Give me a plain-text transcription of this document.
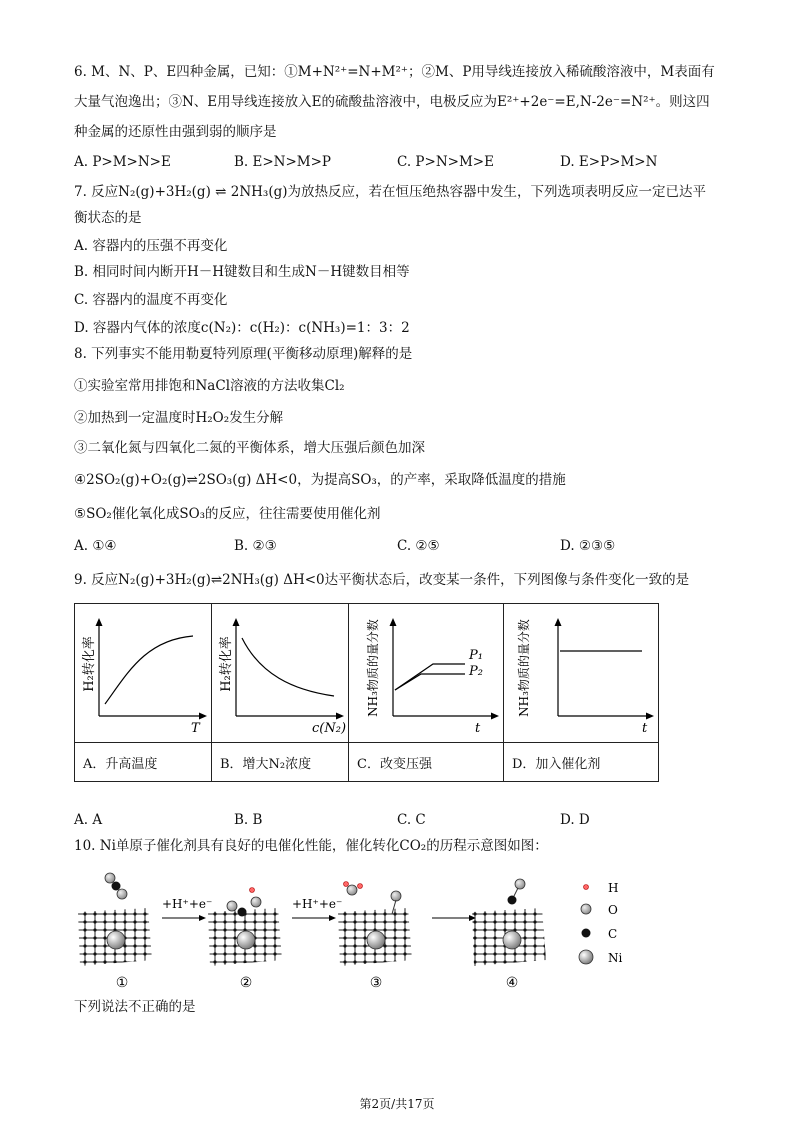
6. M、N、P、E四种金属，已知：①M+N²⁺=N+M²⁺；②M、P用导线连接放入稀硫酸溶液中，M表面有
大量气泡逸出；③N、E用导线连接放入E的硫酸盐溶液中，电极反应为E²⁺+2e⁻=E,N-2e⁻=N²⁺。则这四
种金属的还原性由强到弱的顺序是
A. P>M>N>E	B. E>N>M>P	C. P>N>M>E	D. E>P>M>N
7. 反应N₂(g)+3H₂(g) ⇌ 2NH₃(g)为放热反应，若在恒压绝热容器中发生，下列选项表明反应一定已达平
衡状态的是
A. 容器内的压强不再变化
B. 相同时间内断开H－H键数目和生成N－H键数目相等
C. 容器内的温度不再变化
D. 容器内气体的浓度c(N₂)：c(H₂)：c(NH₃)=1：3：2
8. 下列事实不能用勒夏特列原理(平衡移动原理)解释的是
①实验室常用排饱和NaCl溶液的方法收集Cl₂
②加热到一定温度时H₂O₂发生分解
③二氧化氮与四氧化二氮的平衡体系，增大压强后颜色加深
④2SO₂(g)+O₂(g)⇌2SO₃(g) ΔH<0，为提高SO₃，的产率，采取降低温度的措施
⑤SO₂催化氧化成SO₃的反应，往往需要使用催化剂
A. ①④	B. ②③	C. ②⑤	D. ②③⑤
9. 反应N₂(g)+3H₂(g)⇌2NH₃(g) ΔH<0达平衡状态后，改变某一条件，下列图像与条件变化一致的是
H₂转化率
T	H₂转化率
c(N₂)	P₁
P₂
NH₃物质的量分数
t	NH₃物质的量分数
t

A．升高温度	B．增大N₂浓度	C．改变压强	D．加入催化剂
A. A	B. B	C. C	D. D
10. Ni单原子催化剂具有良好的电催化性能，催化转化CO₂的历程示意图如图：
①
+H⁺+e⁻
②
+H⁺+e⁻
③	④
H
O
C
Ni
下列说法不正确的是
第2页/共17页
